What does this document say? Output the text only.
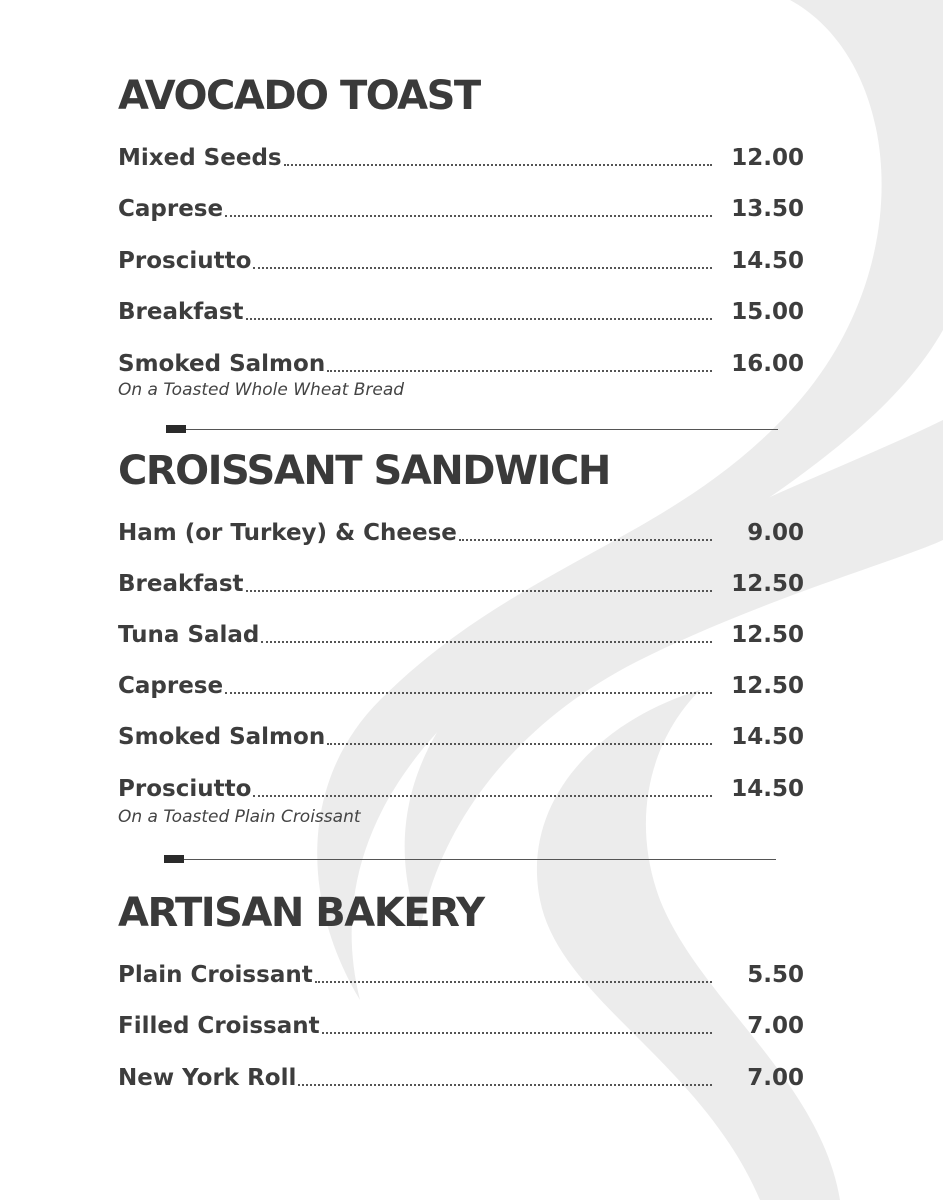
AVOCADO TOAST
Mixed Seeds	12.00
Caprese	13.50
Prosciutto	14.50
Breakfast	15.00
Smoked Salmon	16.00
On a Toasted Whole Wheat Bread
CROISSANT SANDWICH
Ham (or Turkey) & Cheese	9.00
Breakfast	12.50
Tuna Salad	12.50
Caprese	12.50
Smoked Salmon	14.50
Prosciutto	14.50
On a Toasted Plain Croissant
ARTISAN BAKERY
Plain Croissant	5.50
Filled Croissant	7.00
New York Roll	7.00
